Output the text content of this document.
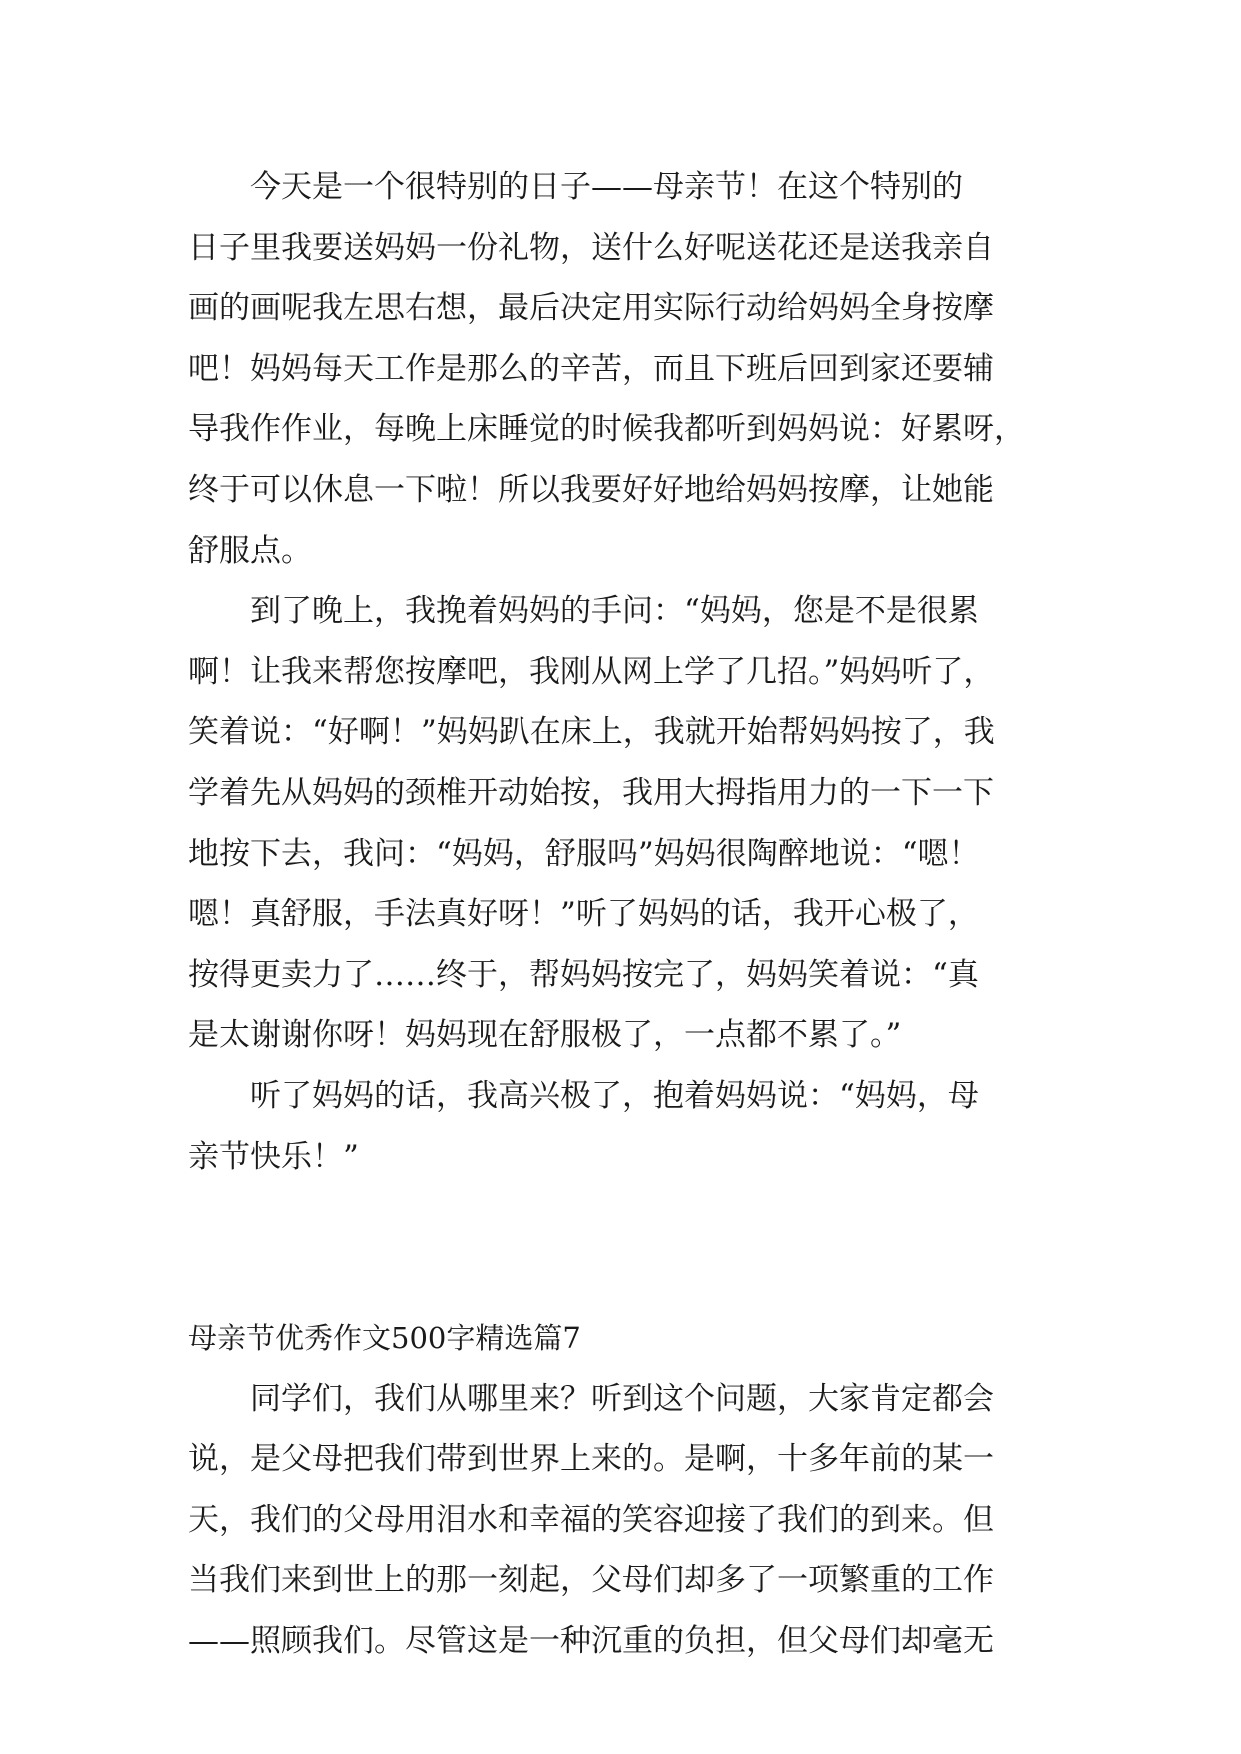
今天是一个很特别的日子——母亲节！在这个特别的
日子里我要送妈妈一份礼物，送什么好呢送花还是送我亲自
画的画呢我左思右想，最后决定用实际行动给妈妈全身按摩
吧！妈妈每天工作是那么的辛苦，而且下班后回到家还要辅
导我作作业，每晚上床睡觉的时候我都听到妈妈说：好累呀，
终于可以休息一下啦！所以我要好好地给妈妈按摩，让她能
舒服点。
到了晚上，我挽着妈妈的手问：“妈妈，您是不是很累
啊！让我来帮您按摩吧，我刚从网上学了几招。”妈妈听了，
笑着说：“好啊！”妈妈趴在床上，我就开始帮妈妈按了，我
学着先从妈妈的颈椎开动始按，我用大拇指用力的一下一下
地按下去，我问：“妈妈，舒服吗”妈妈很陶醉地说：“嗯！
嗯！真舒服，手法真好呀！”听了妈妈的话，我开心极了，
按得更卖力了……终于，帮妈妈按完了，妈妈笑着说：“真
是太谢谢你呀！妈妈现在舒服极了，一点都不累了。”
听了妈妈的话，我高兴极了，抱着妈妈说：“妈妈，母
亲节快乐！”
母亲节优秀作文500字精选篇7
同学们，我们从哪里来？听到这个问题，大家肯定都会
说，是父母把我们带到世界上来的。是啊，十多年前的某一
天，我们的父母用泪水和幸福的笑容迎接了我们的到来。但
当我们来到世上的那一刻起，父母们却多了一项繁重的工作
——照顾我们。尽管这是一种沉重的负担，但父母们却毫无
